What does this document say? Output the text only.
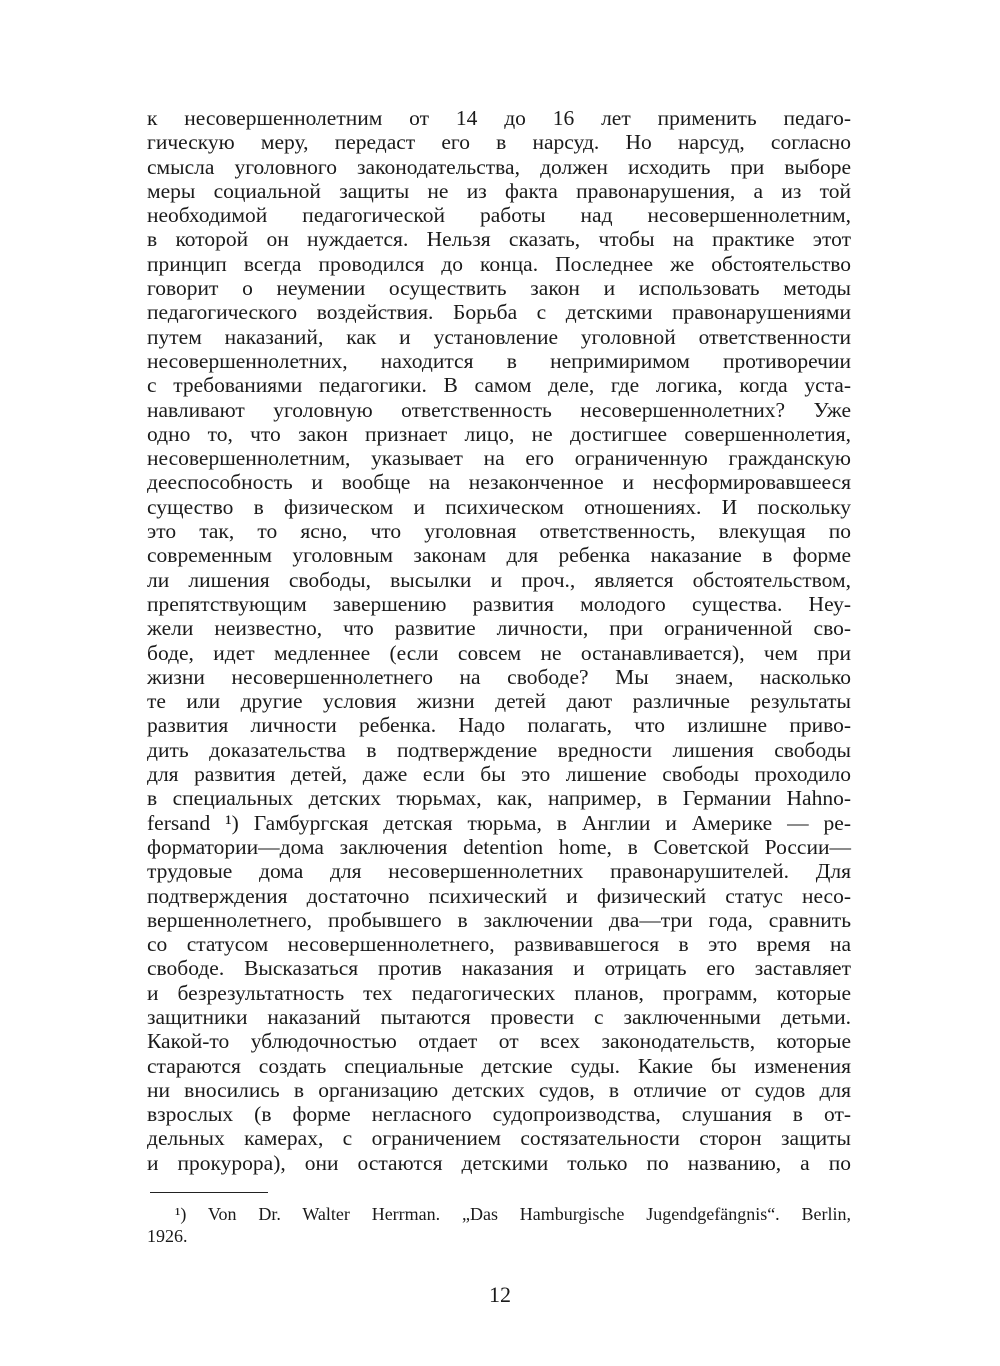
к несовершеннолетним от 14 до 16 лет применить педаго-
гическую меру, передаст его в нарсуд. Но нарсуд, согласно
смысла уголовного законодательства, должен исходить при выборе
меры социальной защиты не из факта правонарушения, а из той
необходимой педагогической работы над несовершеннолетним,
в которой он нуждается. Нельзя сказать, чтобы на практике этот
принцип всегда проводился до конца. Последнее же обстоятельство
говорит о неумении осуществить закон и использовать методы
педагогического воздействия. Борьба с детскими правонарушениями
путем наказаний, как и установление уголовной ответственности
несовершеннолетних, находится в непримиримом противоречии
с требованиями педагогики. В самом деле, где логика, когда уста-
навливают уголовную ответственность несовершеннолетних? Уже
одно то, что закон признает лицо, не достигшее совершеннолетия,
несовершеннолетним, указывает на его ограниченную гражданскую
дееспособность и вообще на незаконченное и несформировавшееся
существо в физическом и психическом отношениях. И поскольку
это так, то ясно, что уголовная ответственность, влекущая по
современным уголовным законам для ребенка наказание в форме
ли лишения свободы, высылки и проч., является обстоятельством,
препятствующим завершению развития молодого существа. Неу-
жели неизвестно, что развитие личности, при ограниченной сво-
боде, идет медленнее (если совсем не останавливается), чем при
жизни несовершеннолетнего на свободе? Мы знаем, насколько
те или другие условия жизни детей дают различные результаты
развития личности ребенка. Надо полагать, что излишне приво-
дить доказательства в подтверждение вредности лишения свободы
для развития детей, даже если бы это лишение свободы проходило
в специальных детских тюрьмах, как, например, в Германии Hahno-
fersand ¹) Гамбургская детская тюрьма, в Англии и Америке — ре-
форматории—дома заключения detention home, в Советской России—
трудовые дома для несовершеннолетних правонарушителей. Для
подтверждения достаточно психический и физический статус несо-
вершеннолетнего, пробывшего в заключении два—три года, сравнить
со статусом несовершеннолетнего, развивавшегося в это время на
свободе. Высказаться против наказания и отрицать его заставляет
и безрезультатность тех педагогических планов, программ, которые
защитники наказаний пытаются провести с заключенными детьми.
Какой-то ублюдочностью отдает от всех законодательств, которые
стараются создать специальные детские суды. Какие бы изменения
ни вносились в организацию детских судов, в отличие от судов для
взрослых (в форме негласного судопроизводства, слушания в от-
дельных камерах, с ограничением состязательности сторон защиты
и прокурора), они остаются детскими только по названию, а по
¹) Von Dr. Walter Herrman. „Das Hamburgische Jugendgefängnis“. Berlin,
1926.
12
